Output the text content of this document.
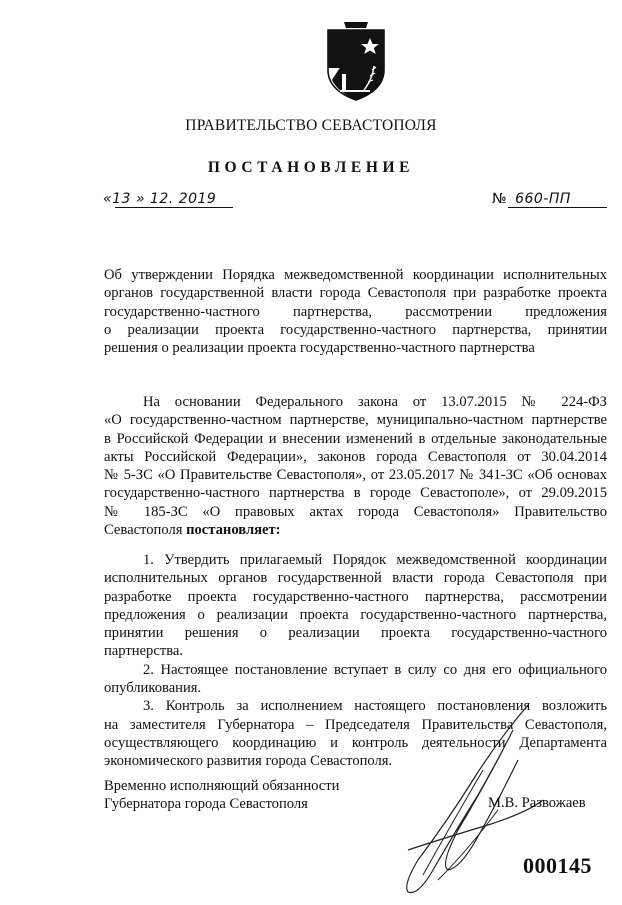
ПРАВИТЕЛЬСТВО СЕВАСТОПОЛЯ
ПОСТАНОВЛЕНИЕ
«13 » 12. 2019	№ 660-ПП
Об утверждении Порядка межведомственной координации исполнительных
органов государственной власти города Севастополя при разработке проекта
государственно-частного партнерства, рассмотрении предложения
о реализации проекта государственно-частного партнерства, принятии
решения о реализации проекта государственно-частного партнерства
На основании Федерального закона от 13.07.2015 № 224-ФЗ
«О государственно-частном партнерстве, муниципально-частном партнерстве
в Российской Федерации и внесении изменений в отдельные законодательные
акты Российской Федерации», законов города Севастополя от 30.04.2014
№ 5-ЗС «О Правительстве Севастополя», от 23.05.2017 № 341-ЗС «Об основах
государственно-частного партнерства в городе Севастополе», от 29.09.2015
№ 185-ЗС «О правовых актах города Севастополя» Правительство
Севастополя постановляет:
1. Утвердить прилагаемый Порядок межведомственной координации
исполнительных органов государственной власти города Севастополя при
разработке проекта государственно-частного партнерства, рассмотрении
предложения о реализации проекта государственно-частного партнерства,
принятии решения о реализации проекта государственно-частного
партнерства.
2. Настоящее постановление вступает в силу со дня его официального
опубликования.
3. Контроль за исполнением настоящего постановления возложить
на заместителя Губернатора – Председателя Правительства Севастополя,
осуществляющего координацию и контроль деятельности Департамента
экономического развития города Севастополя.
Временно исполняющий обязанности
Губернатора города Севастополя	М.В. Развожаев
000145
